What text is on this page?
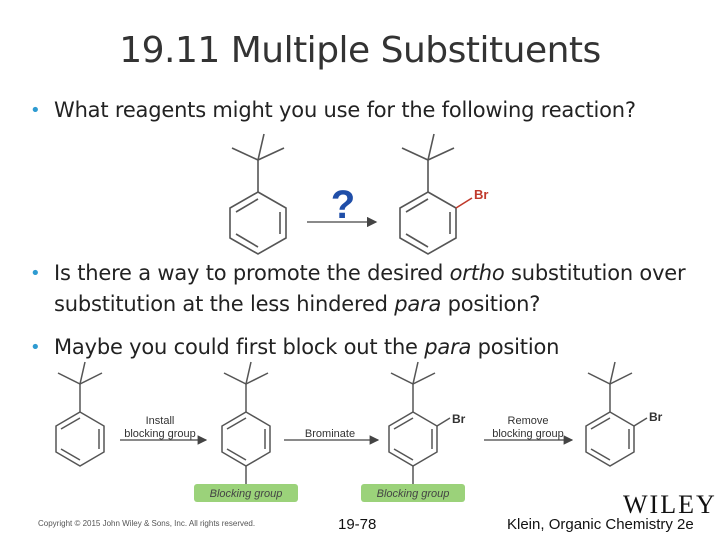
19.11 Multiple Substituents
• What reagents might you use for the following reaction?
• Is there a way to promote the desired ortho substitution over substitution at the less hindered para position?
• Maybe you could first block out the para position
?	Br
Install
blocking group
Blocking group
Brominate
Br
Blocking group
Remove
blocking group
Br
Copyright © 2015 John Wiley & Sons, Inc. All rights reserved.	19-78	Klein, Organic Chemistry 2e
WILEY
